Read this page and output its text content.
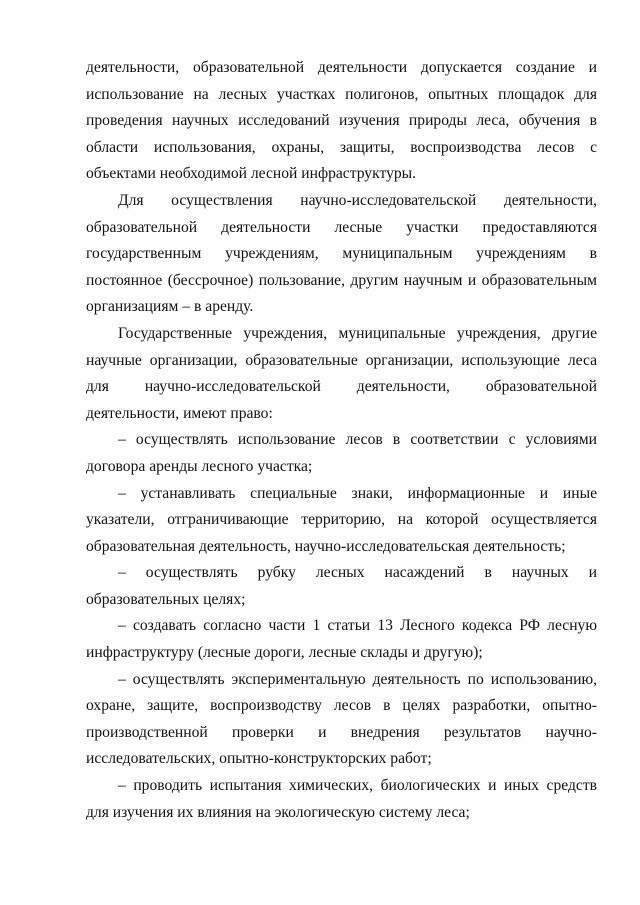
деятельности, образовательной деятельности допускается создание и использование на лесных участках полигонов, опытных площадок для проведения научных исследований изучения природы леса, обучения в области использования, охраны, защиты, воспроизводства лесов с объектами необходимой лесной инфраструктуры.

Для осуществления научно-исследовательской деятельности, образовательной деятельности лесные участки предоставляются государственным учреждениям, муниципальным учреждениям в постоянное (бессрочное) пользование, другим научным и образовательным организациям – в аренду.

Государственные учреждения, муниципальные учреждения, другие научные организации, образовательные организации, использующие леса для научно-исследовательской деятельности, образовательной деятельности, имеют право:

– осуществлять использование лесов в соответствии с условиями договора аренды лесного участка;

– устанавливать специальные знаки, информационные и иные указатели, отграничивающие территорию, на которой осуществляется образовательная деятельность, научно-исследовательская деятельность;

– осуществлять рубку лесных насаждений в научных и образовательных целях;

– создавать согласно части 1 статьи 13 Лесного кодекса РФ лесную инфраструктуру (лесные дороги, лесные склады и другую);

– осуществлять экспериментальную деятельность по использованию, охране, защите, воспроизводству лесов в целях разработки, опытно-производственной проверки и внедрения результатов научно-исследовательских, опытно-конструкторских работ;

– проводить испытания химических, биологических и иных средств для изучения их влияния на экологическую систему леса;
